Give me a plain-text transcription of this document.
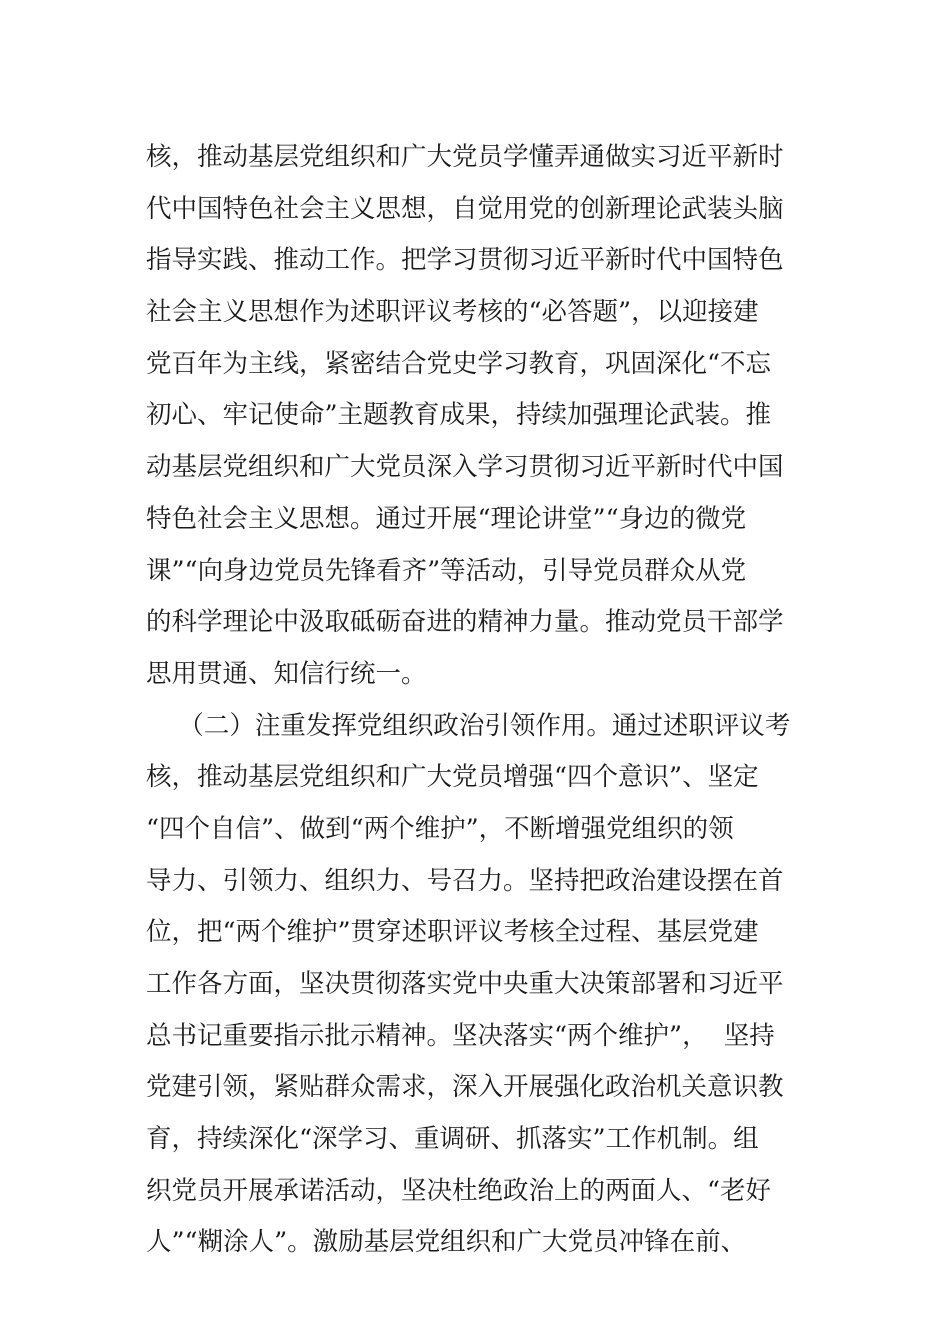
核，推动基层党组织和广大党员学懂弄通做实习近平新时
代中国特色社会主义思想，自觉用党的创新理论武装头脑
指导实践、推动工作。把学习贯彻习近平新时代中国特色
社会主义思想作为述职评议考核的“必答题”，以迎接建
党百年为主线，紧密结合党史学习教育，巩固深化“不忘
初心、牢记使命”主题教育成果，持续加强理论武装。推
动基层党组织和广大党员深入学习贯彻习近平新时代中国
特色社会主义思想。通过开展“理论讲堂”“身边的微党
课”“向身边党员先锋看齐”等活动，引导党员群众从党
的科学理论中汲取砥砺奋进的精神力量。推动党员干部学
思用贯通、知信行统一。
（二）注重发挥党组织政治引领作用。通过述职评议考
核，推动基层党组织和广大党员增强“四个意识”、坚定
“四个自信”、做到“两个维护”，不断增强党组织的领
导力、引领力、组织力、号召力。坚持把政治建设摆在首
位，把“两个维护”贯穿述职评议考核全过程、基层党建
工作各方面，坚决贯彻落实党中央重大决策部署和习近平
总书记重要指示批示精神。坚决落实“两个维护”，  坚持
党建引领，紧贴群众需求，深入开展强化政治机关意识教
育，持续深化“深学习、重调研、抓落实”工作机制。组
织党员开展承诺活动，坚决杜绝政治上的两面人、“老好
人”“糊涂人”。激励基层党组织和广大党员冲锋在前、
